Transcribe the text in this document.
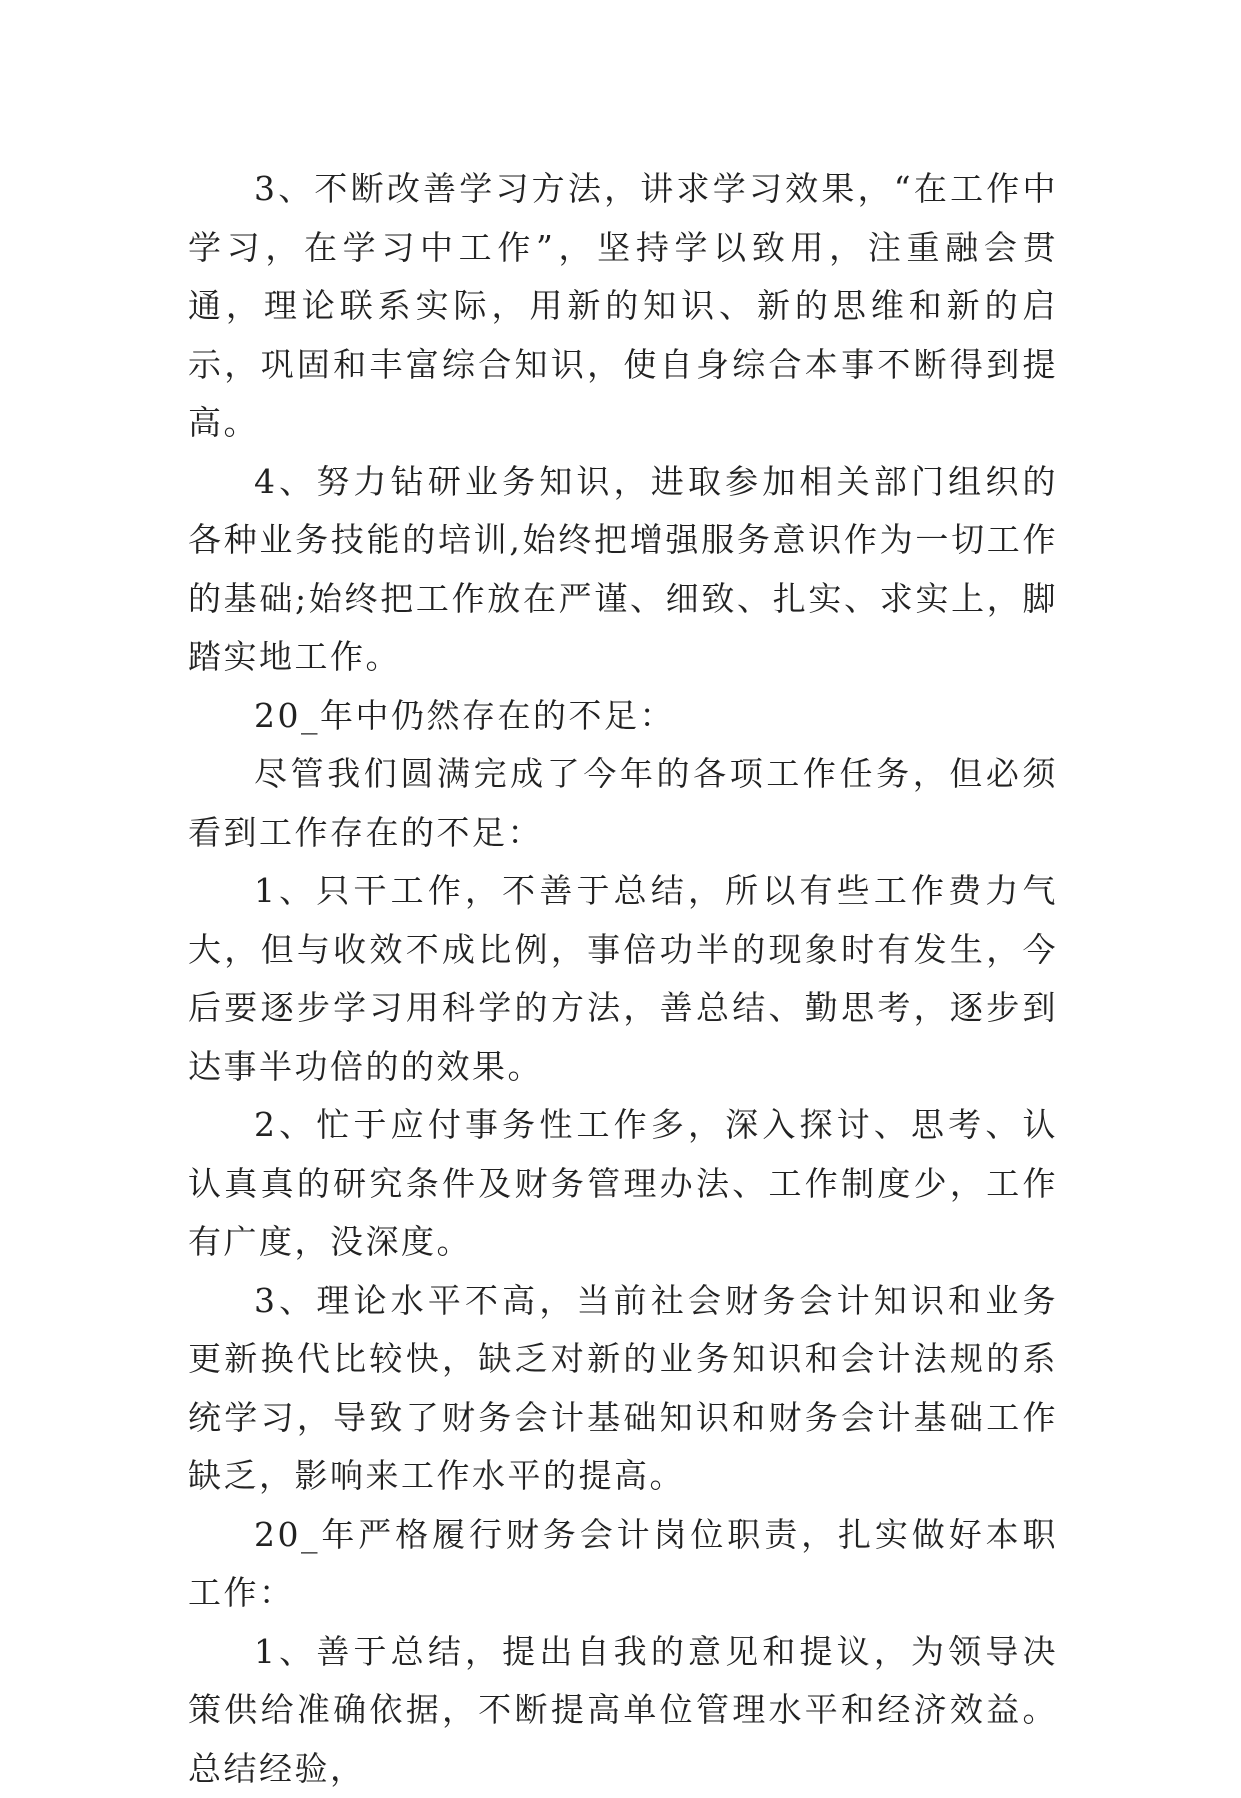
3、不断改善学习方法，讲求学习效果，“在工作中学习，在学习中工作”，坚持学以致用，注重融会贯通，理论联系实际，用新的知识、新的思维和新的启示，巩固和丰富综合知识，使自身综合本事不断得到提高。

4、努力钻研业务知识，进取参加相关部门组织的各种业务技能的培训,始终把增强服务意识作为一切工作的基础;始终把工作放在严谨、细致、扎实、求实上，脚踏实地工作。

20_年中仍然存在的不足：

尽管我们圆满完成了今年的各项工作任务，但必须看到工作存在的不足：

1、只干工作，不善于总结，所以有些工作费力气大，但与收效不成比例，事倍功半的现象时有发生，今后要逐步学习用科学的方法，善总结、勤思考，逐步到达事半功倍的的效果。

2、忙于应付事务性工作多，深入探讨、思考、认认真真的研究条件及财务管理办法、工作制度少，工作有广度，没深度。

3、理论水平不高，当前社会财务会计知识和业务更新换代比较快，缺乏对新的业务知识和会计法规的系统学习，导致了财务会计基础知识和财务会计基础工作缺乏，影响来工作水平的提高。

20_年严格履行财务会计岗位职责，扎实做好本职工作：

1、善于总结，提出自我的意见和提议，为领导决策供给准确依据，不断提高单位管理水平和经济效益。总结经验，
